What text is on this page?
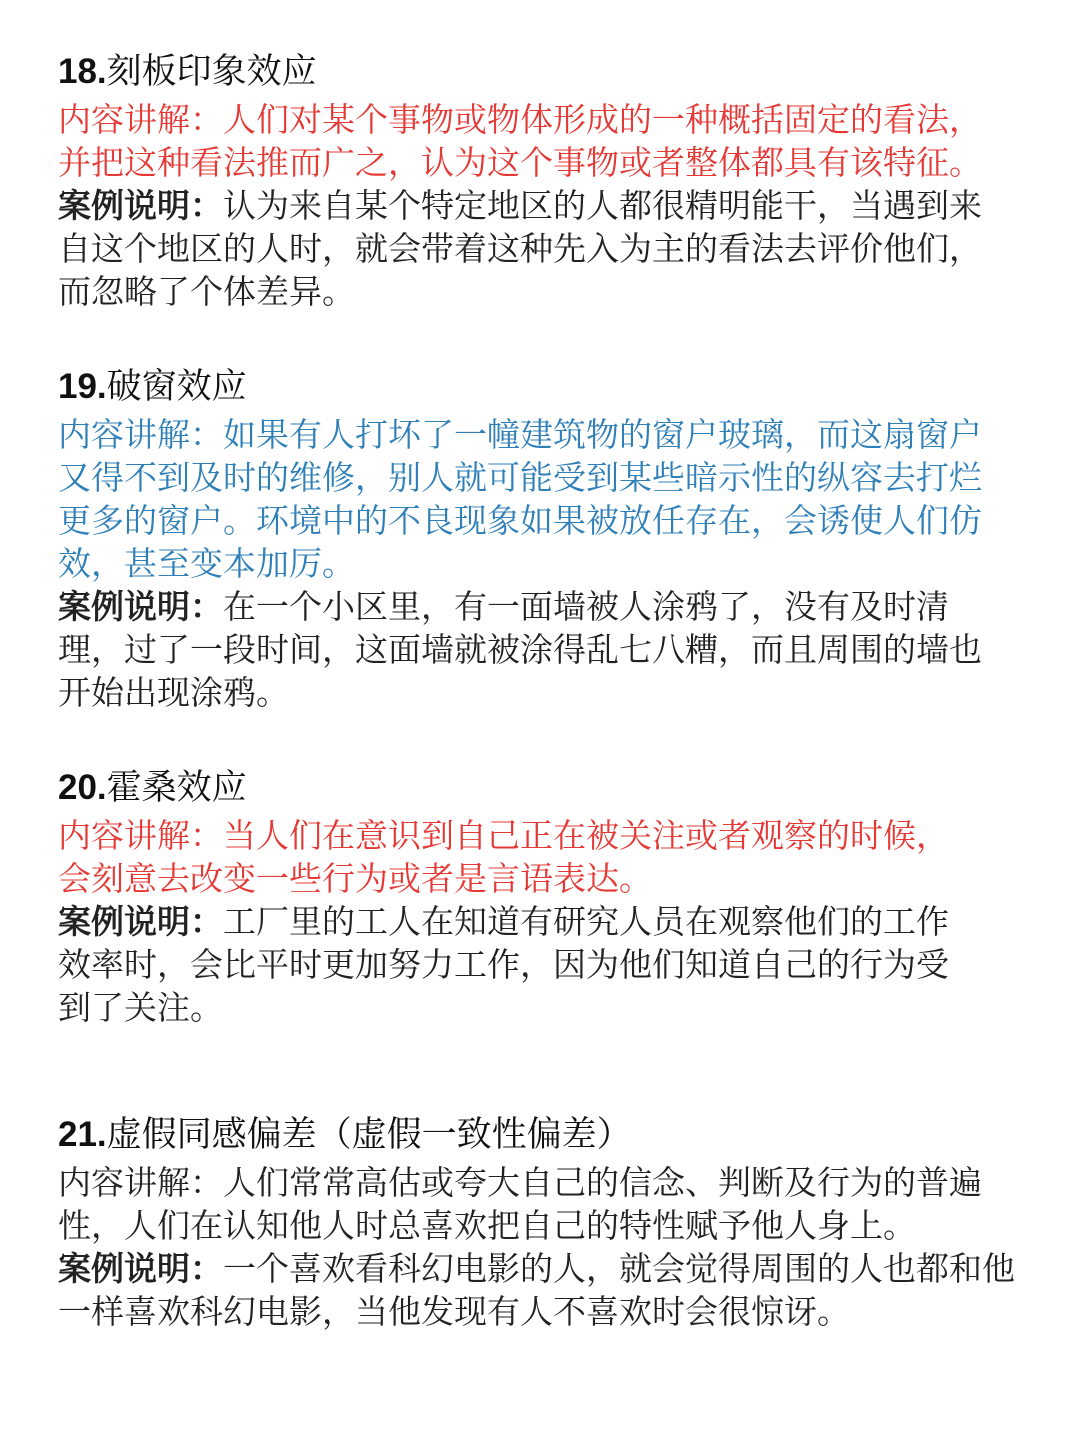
18.刻板印象效应

内容讲解：人们对某个事物或物体形成的一种概括固定的看法，并把这种看法推而广之，认为这个事物或者整体都具有该特征。

案例说明：认为来自某个特定地区的人都很精明能干，当遇到来自这个地区的人时，就会带着这种先入为主的看法去评价他们，而忽略了个体差异。

19.破窗效应

内容讲解：如果有人打坏了一幢建筑物的窗户玻璃，而这扇窗户又得不到及时的维修，别人就可能受到某些暗示性的纵容去打烂更多的窗户。环境中的不良现象如果被放任存在，会诱使人们仿效，甚至变本加厉。

案例说明：在一个小区里，有一面墙被人涂鸦了，没有及时清理，过了一段时间，这面墙就被涂得乱七八糟，而且周围的墙也开始出现涂鸦。

20.霍桑效应

内容讲解：当人们在意识到自己正在被关注或者观察的时候，会刻意去改变一些行为或者是言语表达。

案例说明：工厂里的工人在知道有研究人员在观察他们的工作效率时，会比平时更加努力工作，因为他们知道自己的行为受到了关注。

21.虚假同感偏差（虚假一致性偏差）

内容讲解：人们常常高估或夸大自己的信念、判断及行为的普遍性，人们在认知他人时总喜欢把自己的特性赋予他人身上。

案例说明：一个喜欢看科幻电影的人，就会觉得周围的人也都和他一样喜欢科幻电影，当他发现有人不喜欢时会很惊讶。
